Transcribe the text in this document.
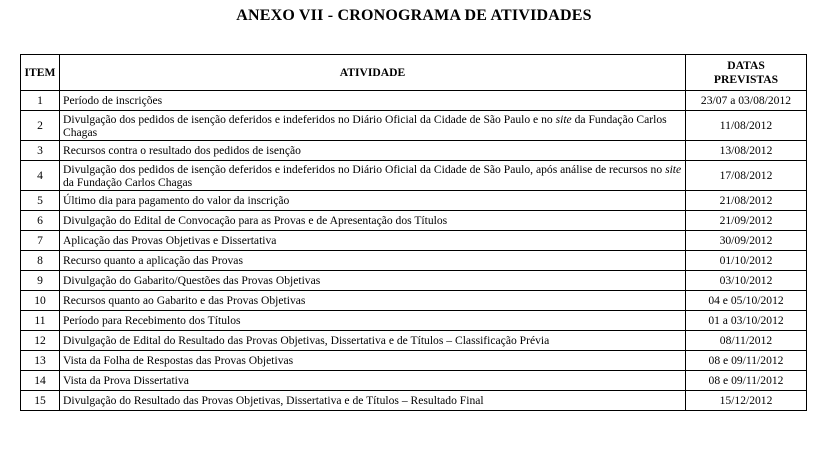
ANEXO VII - CRONOGRAMA DE ATIVIDADES
ITEM	ATIVIDADE	DATAS
PREVISTAS

1	Período de inscrições	23/07 a 03/08/2012
2	Divulgação dos pedidos de isenção deferidos e indeferidos no Diário Oficial da Cidade de São Paulo e no site da Fundação Carlos Chagas	11/08/2012
3	Recursos contra o resultado dos pedidos de isenção	13/08/2012
4	Divulgação dos pedidos de isenção deferidos e indeferidos no Diário Oficial da Cidade de São Paulo, após análise de recursos no site da Fundação Carlos Chagas	17/08/2012
5	Último dia para pagamento do valor da inscrição	21/08/2012
6	Divulgação do Edital de Convocação para as Provas e de Apresentação dos Títulos	21/09/2012
7	Aplicação das Provas Objetivas e Dissertativa	30/09/2012
8	Recurso quanto a aplicação das Provas	01/10/2012
9	Divulgação do Gabarito/Questões das Provas Objetivas	03/10/2012
10	Recursos quanto ao Gabarito e das Provas Objetivas	04 e 05/10/2012
11	Período para Recebimento dos Títulos	01 a 03/10/2012
12	Divulgação de Edital do Resultado das Provas Objetivas, Dissertativa e de Títulos – Classificação Prévia	08/11/2012
13	Vista da Folha de Respostas das Provas Objetivas	08 e 09/11/2012
14	Vista da Prova Dissertativa	08 e 09/11/2012
15	Divulgação do Resultado das Provas Objetivas, Dissertativa e de Títulos – Resultado Final	15/12/2012
